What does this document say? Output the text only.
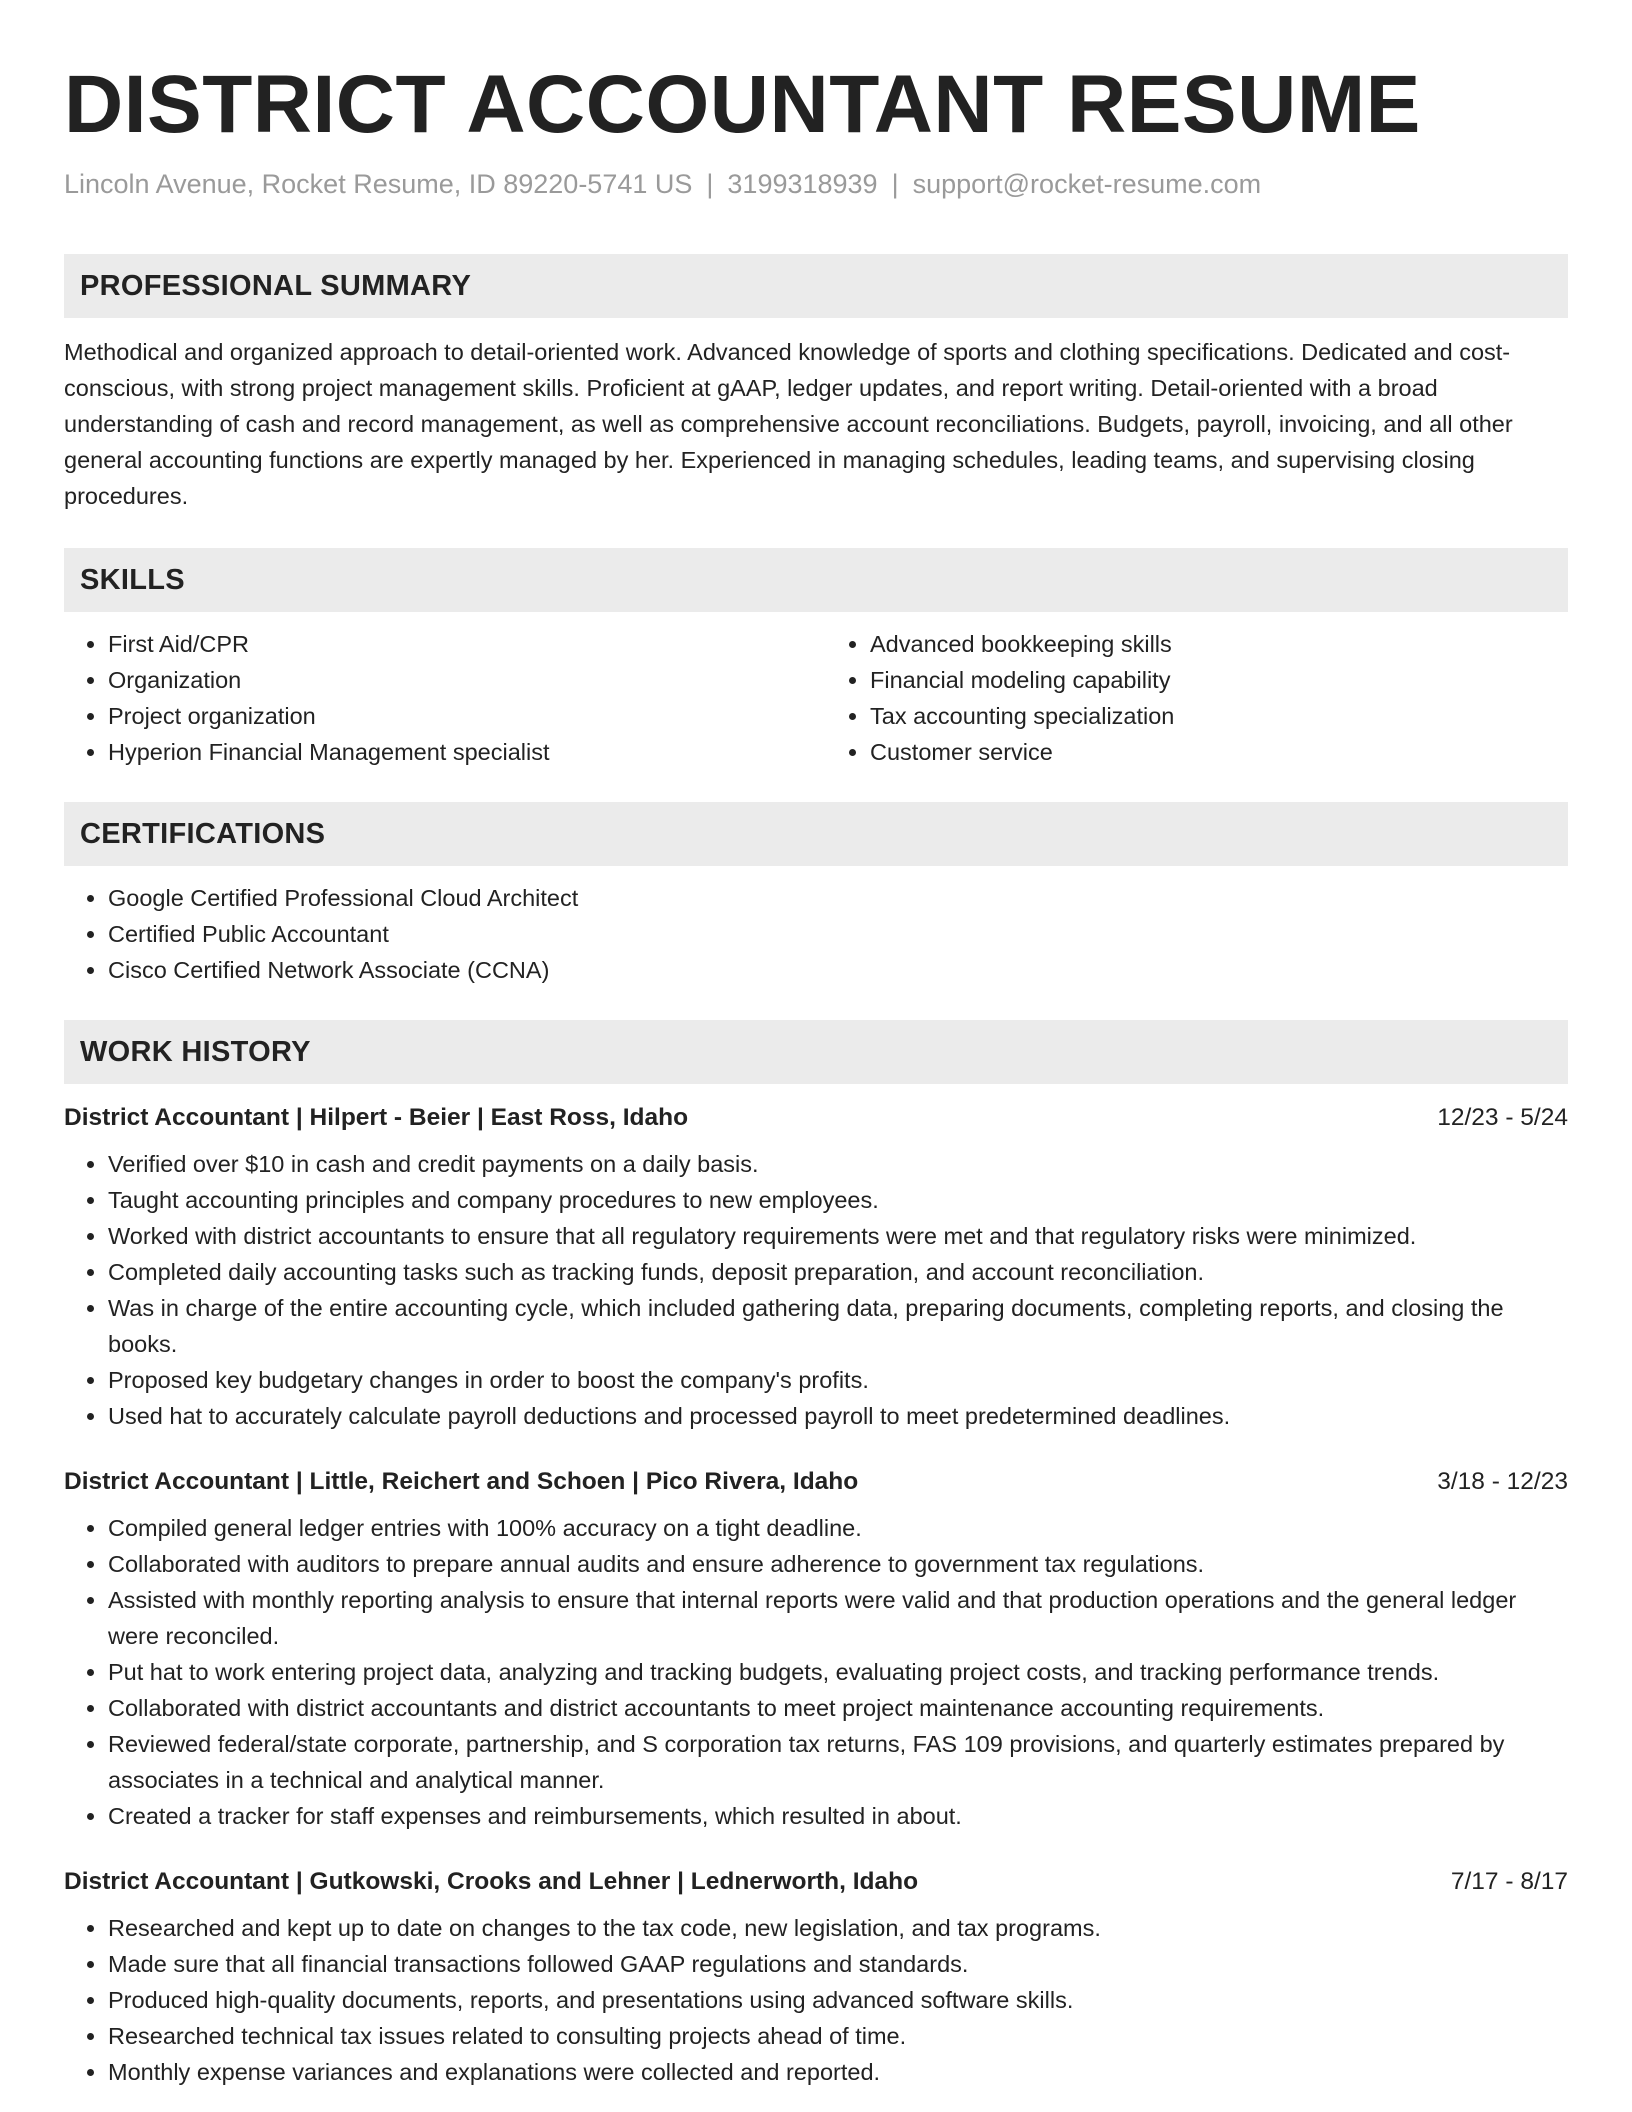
DISTRICT ACCOUNTANT RESUME
Lincoln Avenue, Rocket Resume, ID 89220-5741 US | 3199318939 | support@rocket-resume.com
PROFESSIONAL SUMMARY

Methodical and organized approach to detail-oriented work. Advanced knowledge of sports and clothing specifications. Dedicated and cost-conscious, with strong project management skills. Proficient at gAAP, ledger updates, and report writing. Detail-oriented with a broad understanding of cash and record management, as well as comprehensive account reconciliations. Budgets, payroll, invoicing, and all other general accounting functions are expertly managed by her. Experienced in managing schedules, leading teams, and supervising closing procedures.

SKILLS
• First Aid/CPR
• Organization
• Project organization
• Hyperion Financial Management specialist
• Advanced bookkeeping skills
• Financial modeling capability
• Tax accounting specialization
• Customer service
CERTIFICATIONS
• Google Certified Professional Cloud Architect
• Certified Public Accountant
• Cisco Certified Network Associate (CCNA)
WORK HISTORY
District Accountant | Hilpert - Beier | East Ross, Idaho	12/23 - 5/24
• Verified over $10 in cash and credit payments on a daily basis.
• Taught accounting principles and company procedures to new employees.
• Worked with district accountants to ensure that all regulatory requirements were met and that regulatory risks were minimized.
• Completed daily accounting tasks such as tracking funds, deposit preparation, and account reconciliation.
• Was in charge of the entire accounting cycle, which included gathering data, preparing documents, completing reports, and closing the books.
• Proposed key budgetary changes in order to boost the company's profits.
• Used hat to accurately calculate payroll deductions and processed payroll to meet predetermined deadlines.
District Accountant | Little, Reichert and Schoen | Pico Rivera, Idaho	3/18 - 12/23
• Compiled general ledger entries with 100% accuracy on a tight deadline.
• Collaborated with auditors to prepare annual audits and ensure adherence to government tax regulations.
• Assisted with monthly reporting analysis to ensure that internal reports were valid and that production operations and the general ledger were reconciled.
• Put hat to work entering project data, analyzing and tracking budgets, evaluating project costs, and tracking performance trends.
• Collaborated with district accountants and district accountants to meet project maintenance accounting requirements.
• Reviewed federal/state corporate, partnership, and S corporation tax returns, FAS 109 provisions, and quarterly estimates prepared by associates in a technical and analytical manner.
• Created a tracker for staff expenses and reimbursements, which resulted in about.
District Accountant | Gutkowski, Crooks and Lehner | Lednerworth, Idaho	7/17 - 8/17
• Researched and kept up to date on changes to the tax code, new legislation, and tax programs.
• Made sure that all financial transactions followed GAAP regulations and standards.
• Produced high-quality documents, reports, and presentations using advanced software skills.
• Researched technical tax issues related to consulting projects ahead of time.
• Monthly expense variances and explanations were collected and reported.
